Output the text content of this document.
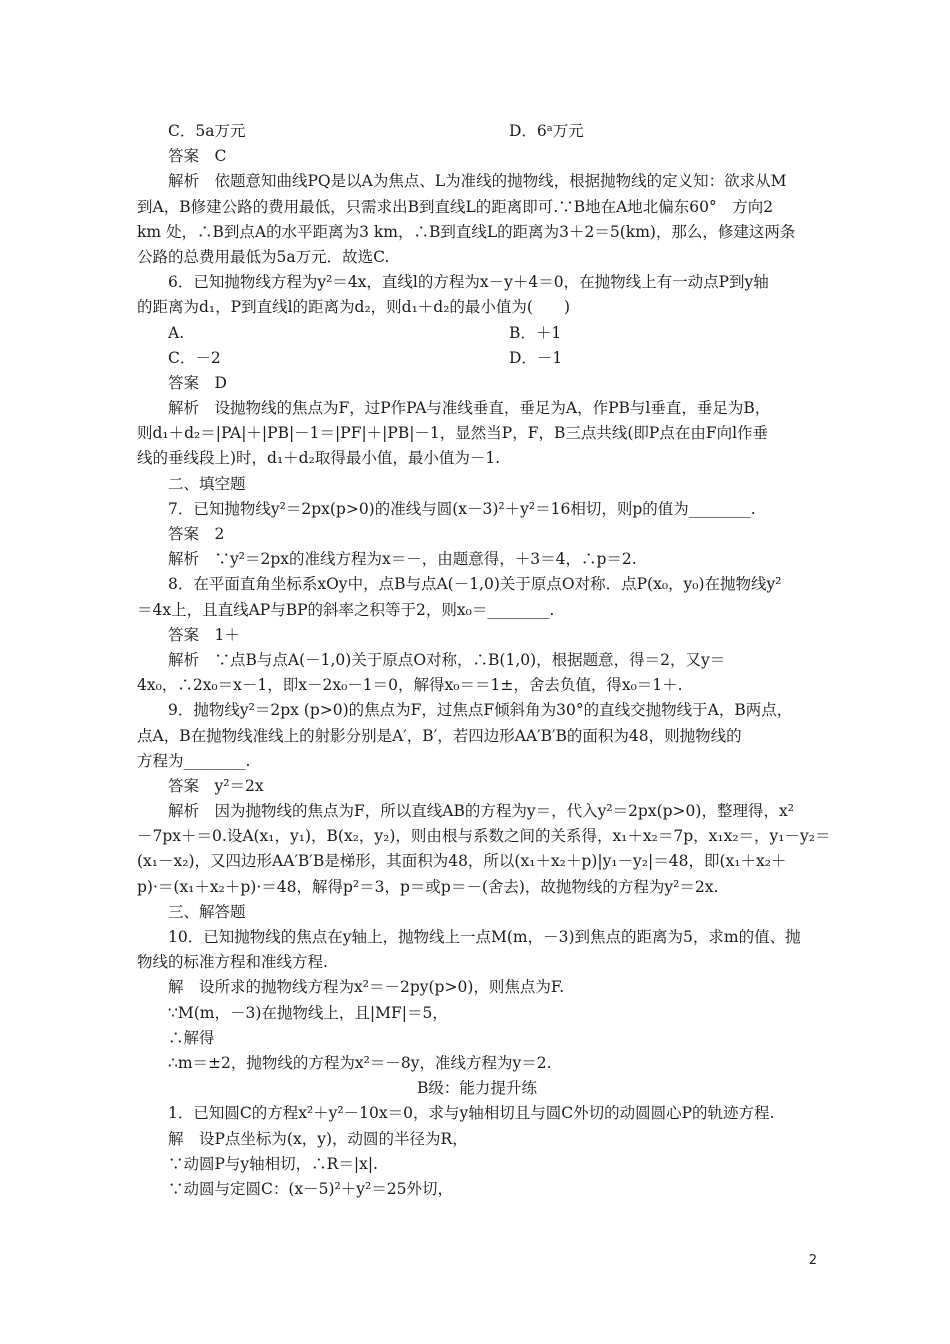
C．5a万元	D．6ᵃ万元
答案　C
解析　依题意知曲线PQ是以A为焦点、L为准线的抛物线，根据抛物线的定义知：欲求从M
到A，B修建公路的费用最低，只需求出B到直线L的距离即可.∵B地在A地北偏东60°　方向2
km 处，∴B到点A的水平距离为3 km，∴B到直线L的距离为3＋2＝5(km)，那么，修建这两条
公路的总费用最低为5a万元．故选C.
6．已知抛物线方程为y²＝4x，直线l的方程为x－y＋4＝0，在抛物线上有一动点P到y轴
的距离为d₁，P到直线l的距离为d₂，则d₁＋d₂的最小值为(　　)
A.	B．＋1
C．－2	D．－1
答案　D
解析　设抛物线的焦点为F，过P作PA与准线垂直，垂足为A，作PB与l垂直，垂足为B，
则d₁＋d₂＝|PA|＋|PB|－1＝|PF|＋|PB|－1，显然当P，F，B三点共线(即P点在由F向l作垂
线的垂线段上)时，d₁＋d₂取得最小值，最小值为－1.
二、填空题
7．已知抛物线y²＝2px(p>0)的准线与圆(x－3)²＋y²＝16相切，则p的值为________.
答案　2
解析　∵y²＝2px的准线方程为x＝－，由题意得，＋3＝4，∴p＝2.
8．在平面直角坐标系xOy中，点B与点A(－1,0)关于原点O对称．点P(x₀，y₀)在抛物线y²
＝4x上，且直线AP与BP的斜率之积等于2，则x₀＝________.
答案　1＋
解析　∵点B与点A(－1,0)关于原点O对称，∴B(1,0)，根据题意，得＝2，又y＝
4x₀，∴2x₀＝x－1，即x－2x₀－1＝0，解得x₀＝＝1±，舍去负值，得x₀＝1＋.
9．抛物线y²＝2px (p>0)的焦点为F，过焦点F倾斜角为30°的直线交抛物线于A，B两点，
点A，B在抛物线准线上的射影分别是A′，B′，若四边形AA′B′B的面积为48，则抛物线的
方程为________.
答案　y²＝2x
解析　因为抛物线的焦点为F，所以直线AB的方程为y＝，代入y²＝2px(p>0)，整理得，x²
－7px＋＝0.设A(x₁，y₁)，B(x₂，y₂)，则由根与系数之间的关系得，x₁＋x₂＝7p，x₁x₂＝，y₁－y₂＝
(x₁－x₂)，又四边形AA′B′B是梯形，其面积为48，所以(x₁＋x₂＋p)|y₁－y₂|＝48，即(x₁＋x₂＋
p)·＝(x₁＋x₂＋p)·＝48，解得p²＝3，p＝或p＝－(舍去)，故抛物线的方程为y²＝2x.
三、解答题
10．已知抛物线的焦点在y轴上，抛物线上一点M(m，－3)到焦点的距离为5，求m的值、抛
物线的标准方程和准线方程.
解　设所求的抛物线方程为x²＝－2py(p>0)，则焦点为F.
∵M(m，－3)在抛物线上，且|MF|＝5，
∴解得
∴m＝±2，抛物线的方程为x²＝－8y，准线方程为y＝2.
B级：能力提升练
1．已知圆C的方程x²＋y²－10x＝0，求与y轴相切且与圆C外切的动圆圆心P的轨迹方程.
解　设P点坐标为(x，y)，动圆的半径为R，
∵动圆P与y轴相切，∴R＝|x|.
∵动圆与定圆C：(x－5)²＋y²＝25外切，
2
